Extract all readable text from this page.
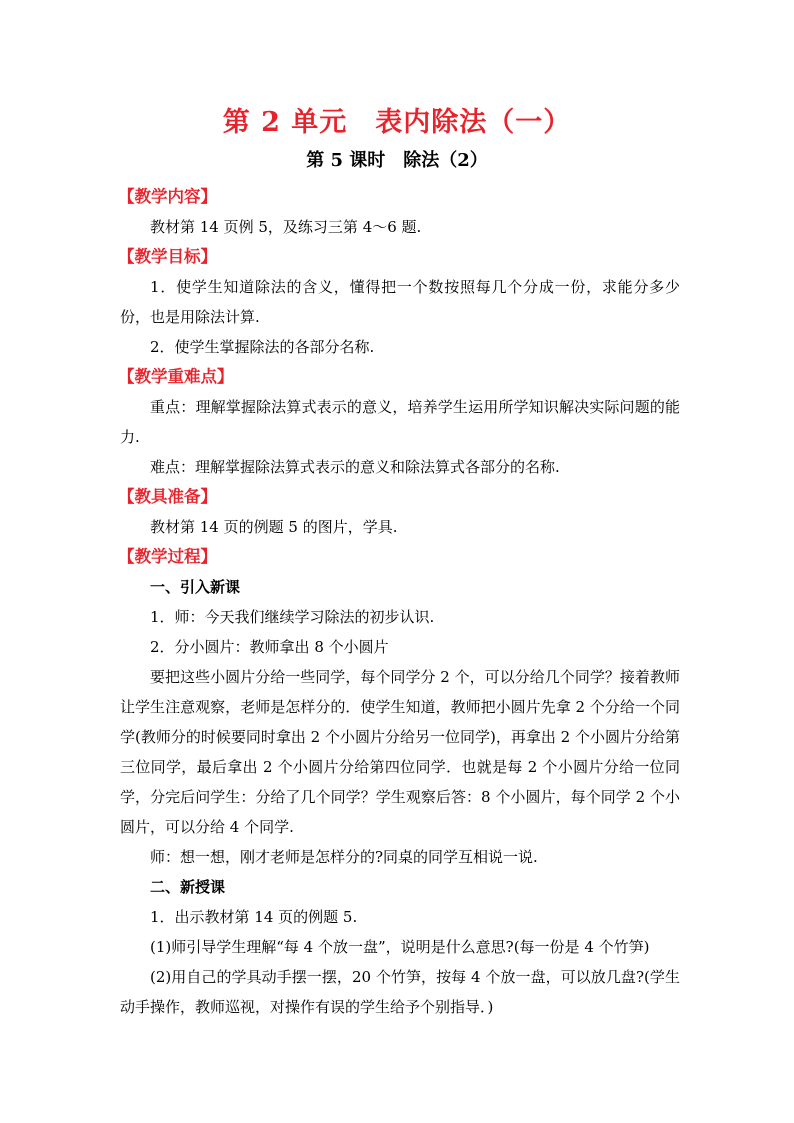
第 2 单元　表内除法（一）
第 5 课时　除法（2）
【教学内容】
教材第 14 页例 5，及练习三第 4～6 题.
【教学目标】
1．使学生知道除法的含义，懂得把一个数按照每几个分成一份，求能分多少份，也是用除法计算.
2．使学生掌握除法的各部分名称.
【教学重难点】
重点：理解掌握除法算式表示的意义，培养学生运用所学知识解决实际问题的能力.
难点：理解掌握除法算式表示的意义和除法算式各部分的名称.
【教具准备】
教材第 14 页的例题 5 的图片，学具.
【教学过程】
一、引入新课
1．师：今天我们继续学习除法的初步认识.
2．分小圆片：教师拿出 8 个小圆片
要把这些小圆片分给一些同学，每个同学分 2 个，可以分给几个同学？接着教师让学生注意观察，老师是怎样分的．使学生知道，教师把小圆片先拿 2 个分给一个同学(教师分的时候要同时拿出 2 个小圆片分给另一位同学)，再拿出 2 个小圆片分给第三位同学，最后拿出 2 个小圆片分给第四位同学．也就是每 2 个小圆片分给一位同学，分完后问学生：分给了几个同学？学生观察后答：8 个小圆片，每个同学 2 个小圆片，可以分给 4 个同学.
师：想一想，刚才老师是怎样分的?同桌的同学互相说一说.
二、新授课
1．出示教材第 14 页的例题 5.
(1)师引导学生理解“每 4 个放一盘”，说明是什么意思?(每一份是 4 个竹笋)
(2)用自己的学具动手摆一摆，20 个竹笋，按每 4 个放一盘，可以放几盘?(学生动手操作，教师巡视，对操作有误的学生给予个别指导．)
